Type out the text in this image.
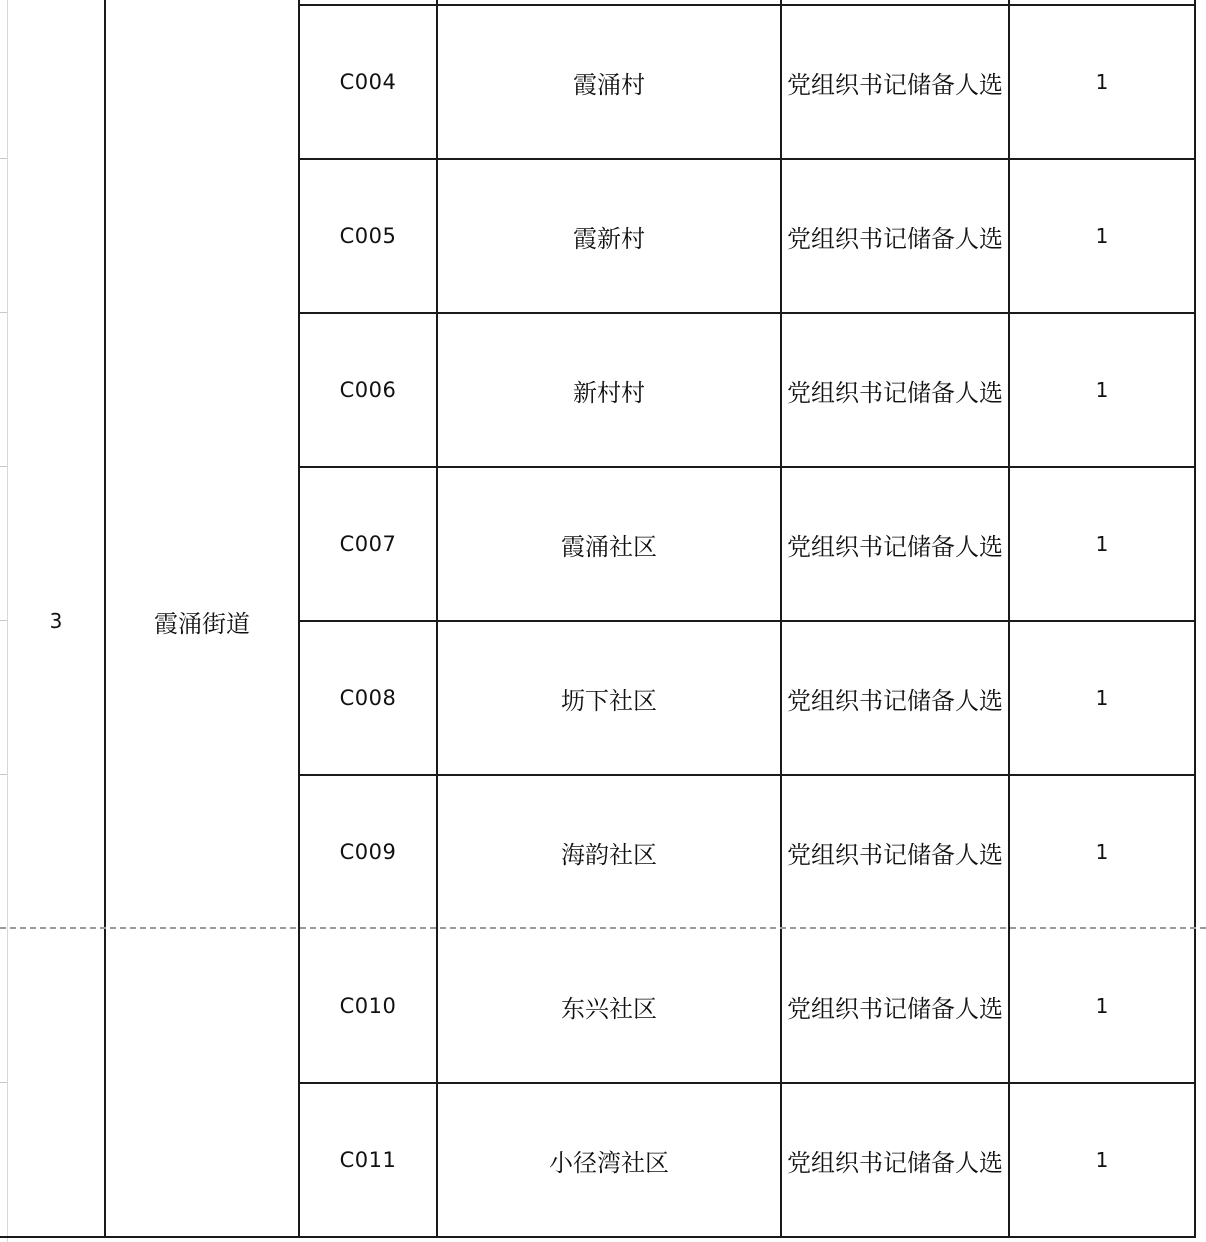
3	霞涌街道
C004	霞涌村	党组织书记储备人选	1
C005	霞新村	党组织书记储备人选	1
C006	新村村	党组织书记储备人选	1
C007	霞涌社区	党组织书记储备人选	1
C008	坜下社区	党组织书记储备人选	1
C009	海韵社区	党组织书记储备人选	1
C010	东兴社区	党组织书记储备人选	1
C011	小径湾社区	党组织书记储备人选	1
